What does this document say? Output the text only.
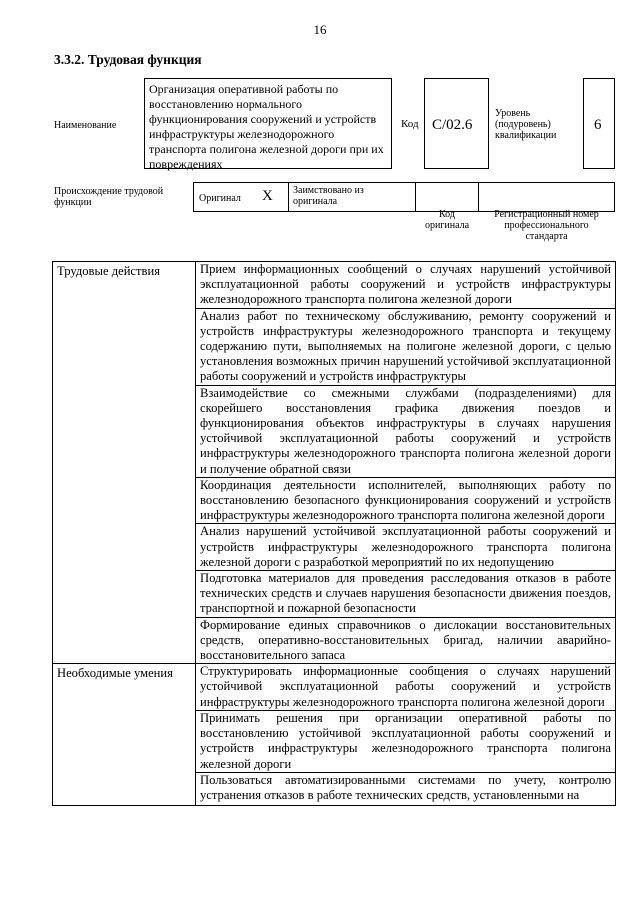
16
3.3.2. Трудовая функция
Наименование
Организация оперативной работы по восстановлению нормального функционирования сооружений и устройств инфраструктуры железнодорожного транспорта полигона железной дороги при их повреждениях
Код С/02.6
Уровень (подуровень) квалификации
6
Происхождение трудовой функции	Оригинал X	Заимствовано из оригинала
Код оригинала
Регистрационный номер профессионального стандарта
Трудовые действия	Прием информационных сообщений о случаях нарушений устойчивой эксплуатационной работы сооружений и устройств инфраструктуры железнодорожного транспорта полигона железной дороги
	Анализ работ по техническому обслуживанию, ремонту сооружений и устройств инфраструктуры железнодорожного транспорта и текущему содержанию пути, выполняемых на полигоне железной дороги, с целью установления возможных причин нарушений устойчивой эксплуатационной работы сооружений и устройств инфраструктуры
	Взаимодействие со смежными службами (подразделениями) для скорейшего восстановления графика движения поездов и функционирования объектов инфраструктуры в случаях нарушения устойчивой эксплуатационной работы сооружений и устройств инфраструктуры железнодорожного транспорта полигона железной дороги и получение обратной связи
	Координация деятельности исполнителей, выполняющих работу по восстановлению безопасного функционирования сооружений и устройств инфраструктуры железнодорожного транспорта полигона железной дороги
	Анализ нарушений устойчивой эксплуатационной работы сооружений и устройств инфраструктуры железнодорожного транспорта полигона железной дороги с разработкой мероприятий по их недопущению
	Подготовка материалов для проведения расследования отказов в работе технических средств и случаев нарушения безопасности движения поездов, транспортной и пожарной безопасности
	Формирование единых справочников о дислокации восстановительных средств, оперативно-восстановительных бригад, наличии аварийно-восстановительного запаса
Необходимые умения	Структурировать информационные сообщения о случаях нарушений устойчивой эксплуатационной работы сооружений и устройств инфраструктуры железнодорожного транспорта полигона железной дороги
	Принимать решения при организации оперативной работы по восстановлению устойчивой эксплуатационной работы сооружений и устройств инфраструктуры железнодорожного транспорта полигона железной дороги

	Пользоваться автоматизированными системами по учету, контролю устранения отказов в работе технических средств, установленными на
